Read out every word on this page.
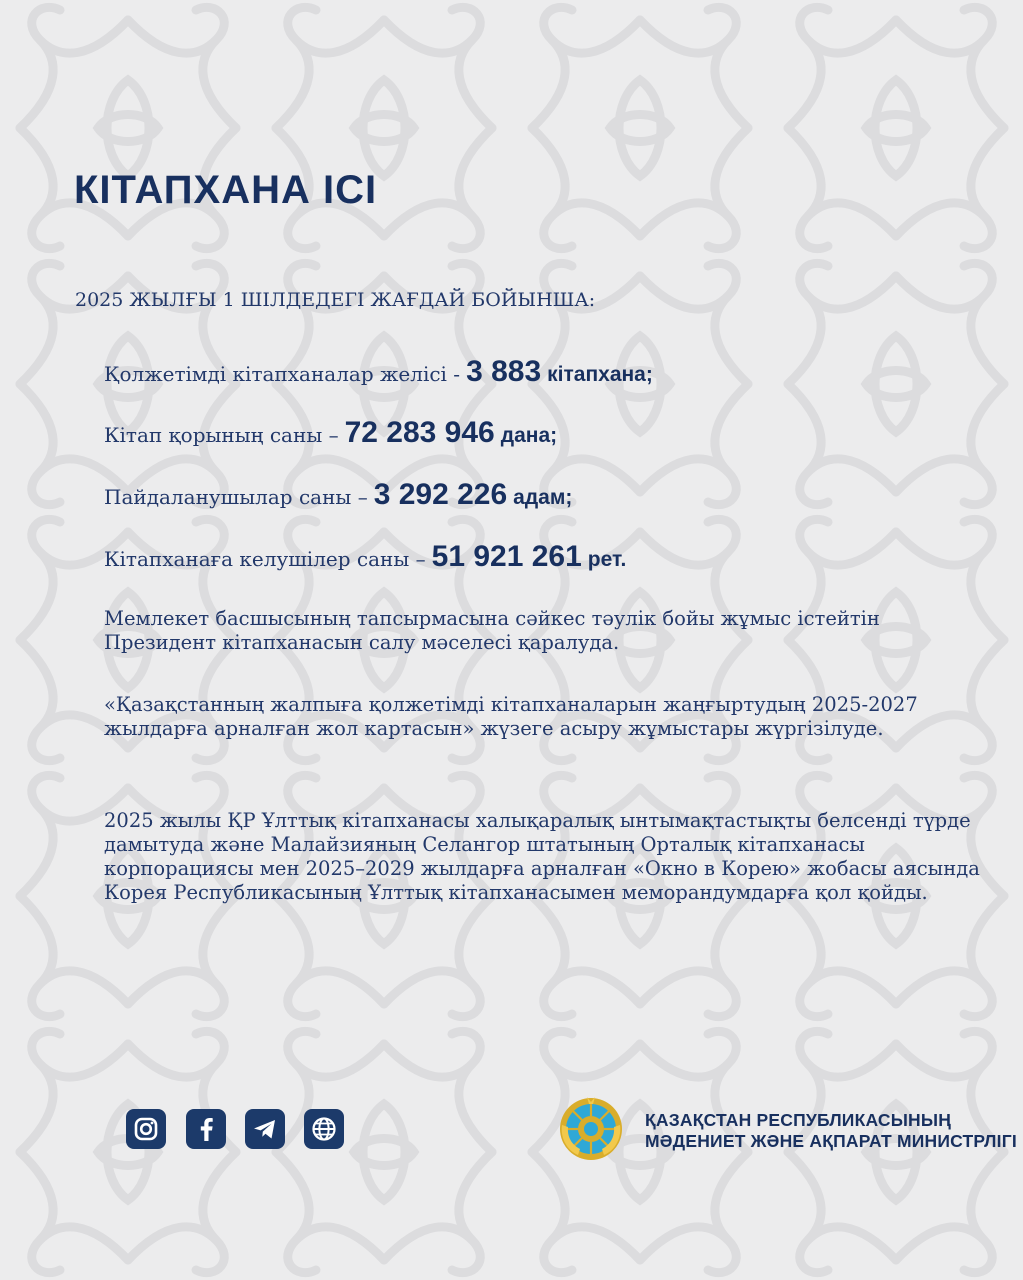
КІТАПХАНА ІСІ
2025 ЖЫЛҒЫ 1 ШІЛДЕДЕГІ ЖАҒДАЙ БОЙЫНША:
Қолжетімді кітапханалар желісі - 3 883 кітапхана;
Кітап қорының саны – 72 283 946 дана;
Пайдаланушылар саны – 3 292 226 адам;
Кітапханаға келушілер саны – 51 921 261 рет.

Мемлекет басшысының тапсырмасына сәйкес тәулік бойы жұмыс істейтін Президент кітапханасын салу мәселесі қаралуда.

«Қазақстанның жалпыға қолжетімді кітапханаларын жаңғыртудың 2025-2027 жылдарға арналған жол картасын» жүзеге асыру жұмыстары жүргізілуде.

2025 жылы ҚР Ұлттық кітапханасы халықаралық ынтымақтастықты белсенді түрде дамытуда және Малайзияның Селангор штатының Орталық кітапханасы корпорациясы мен 2025–2029 жылдарға арналған «Окно в Корею» жобасы аясында Корея Республикасының Ұлттық кітапханасымен меморандумдарға қол қойды.

ҚАЗАҚСТАН РЕСПУБЛИКАСЫНЫҢ
МӘДЕНИЕТ ЖӘНЕ АҚПАРАТ МИНИСТРЛІГІ
